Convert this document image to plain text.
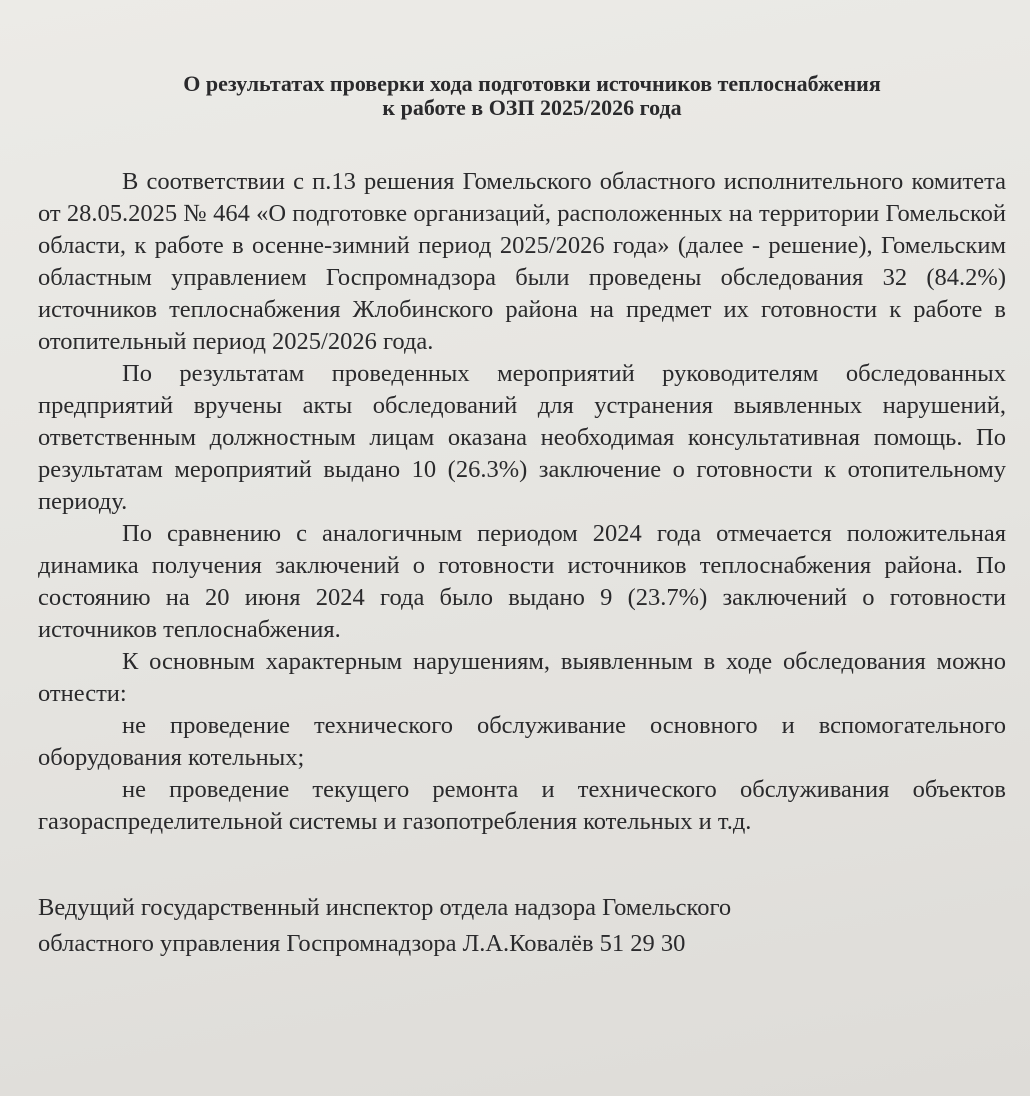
О результатах проверки хода подготовки источников теплоснабжения
к работе в ОЗП 2025/2026 года

В соответствии с п.13 решения Гомельского областного исполнительного комитета от 28.05.2025 № 464 «О подготовке организаций, расположенных на территории Гомельской области, к работе в осенне-зимний период 2025/2026 года» (далее - решение), Гомельским областным управлением Госпромнадзора были проведены обследования 32 (84.2%) источников теплоснабжения Жлобинского района на предмет их готовности к работе в отопительный период 2025/2026 года.

По результатам проведенных мероприятий руководителям обследованных предприятий вручены акты обследований для устранения выявленных нарушений, ответственным должностным лицам оказана необходимая консультативная помощь. По результатам мероприятий выдано 10 (26.3%) заключение о готовности к отопительному периоду.

По сравнению с аналогичным периодом 2024 года отмечается положительная динамика получения заключений о готовности источников теплоснабжения района. По состоянию на 20 июня 2024 года было выдано 9 (23.7%) заключений о готовности источников теплоснабжения.

К основным характерным нарушениям, выявленным в ходе обследования можно отнести:

не проведение технического обслуживание основного и вспомогательного оборудования котельных;

не проведение текущего ремонта и технического обслуживания объектов газораспределительной системы и газопотребления котельных и т.д.

Ведущий государственный инспектор отдела надзора Гомельского
областного управления Госпромнадзора Л.А.Ковалёв 51 29 30
